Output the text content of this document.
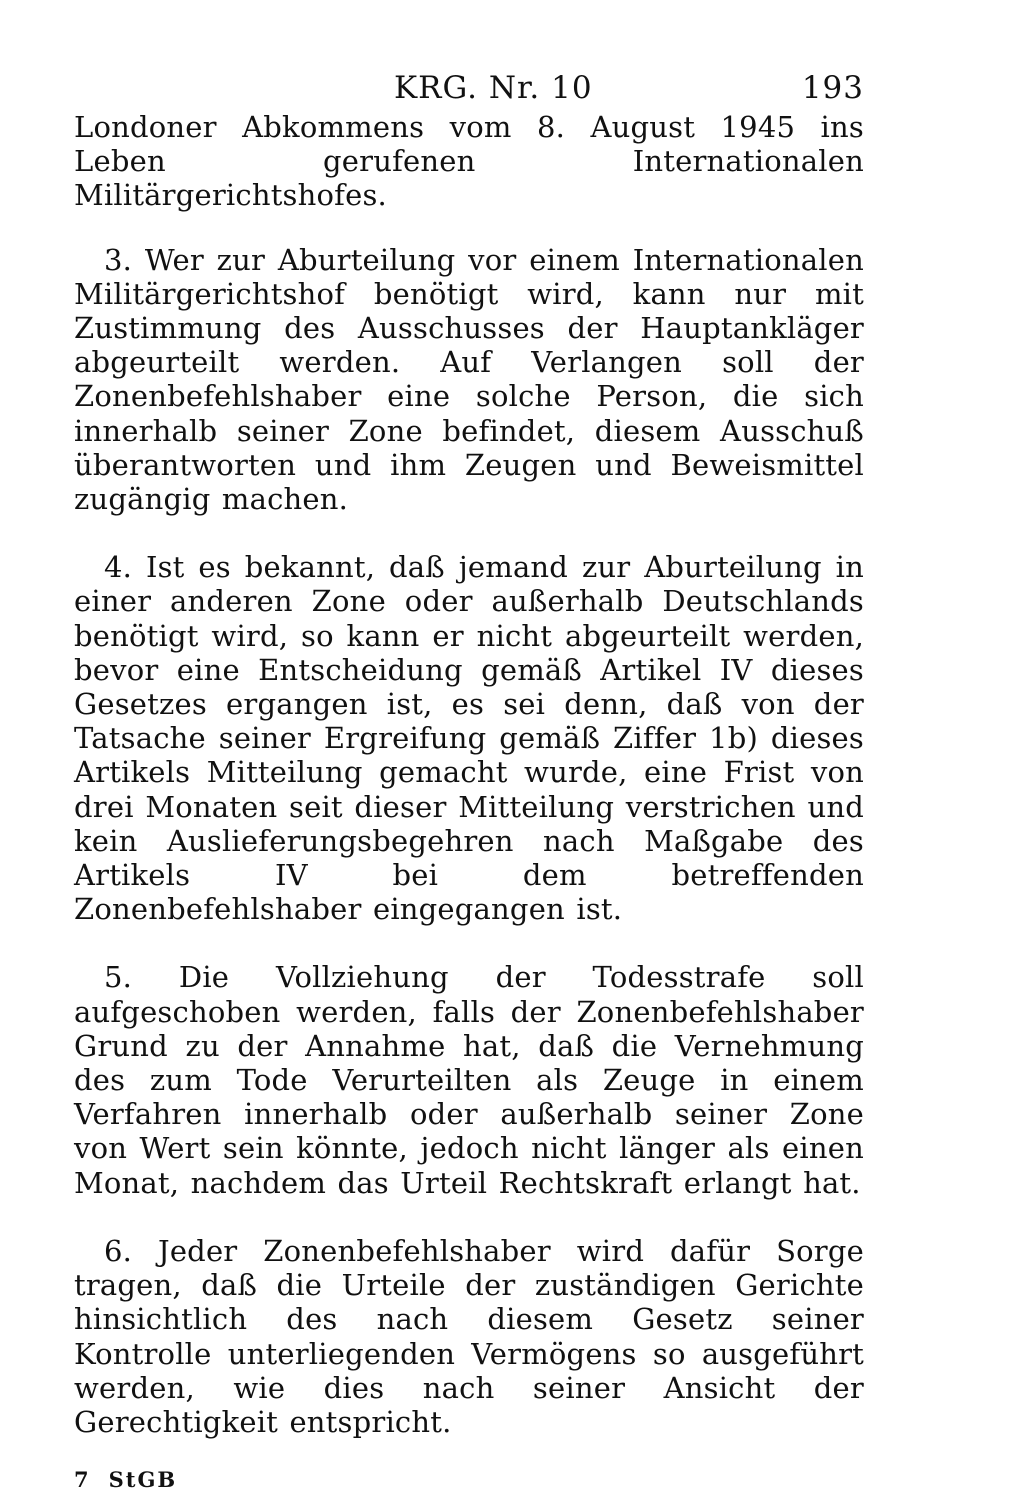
KRG. Nr. 10	193

Londoner Abkommens vom 8. August 1945 ins Leben gerufenen Internationalen Militärgerichtshofes.

3. Wer zur Aburteilung vor einem Internationalen Militärgerichtshof benötigt wird, kann nur mit Zustimmung des Ausschusses der Hauptankläger abgeurteilt werden. Auf Verlangen soll der Zonenbefehlshaber eine solche Person, die sich innerhalb seiner Zone befindet, diesem Ausschuß überantworten und ihm Zeugen und Beweismittel zugängig machen.

4. Ist es bekannt, daß jemand zur Aburteilung in einer anderen Zone oder außerhalb Deutschlands benötigt wird, so kann er nicht abgeurteilt werden, bevor eine Entscheidung gemäß Artikel IV dieses Gesetzes ergangen ist, es sei denn, daß von der Tatsache seiner Ergreifung gemäß Ziffer 1b) dieses Artikels Mitteilung gemacht wurde, eine Frist von drei Monaten seit dieser Mitteilung verstrichen und kein Auslieferungsbegehren nach Maßgabe des Artikels IV bei dem betreffenden Zonenbefehlshaber eingegangen ist.

5. Die Vollziehung der Todesstrafe soll aufgeschoben werden, falls der Zonenbefehlshaber Grund zu der Annahme hat, daß die Vernehmung des zum Tode Verurteilten als Zeuge in einem Verfahren innerhalb oder außerhalb seiner Zone von Wert sein könnte, jedoch nicht länger als einen Monat, nachdem das Urteil Rechtskraft erlangt hat.

6. Jeder Zonenbefehlshaber wird dafür Sorge tragen, daß die Urteile der zuständigen Gerichte hinsichtlich des nach diesem Gesetz seiner Kontrolle unterliegenden Vermögens so ausgeführt werden, wie dies nach seiner Ansicht der Gerechtigkeit entspricht.

7 StGB
